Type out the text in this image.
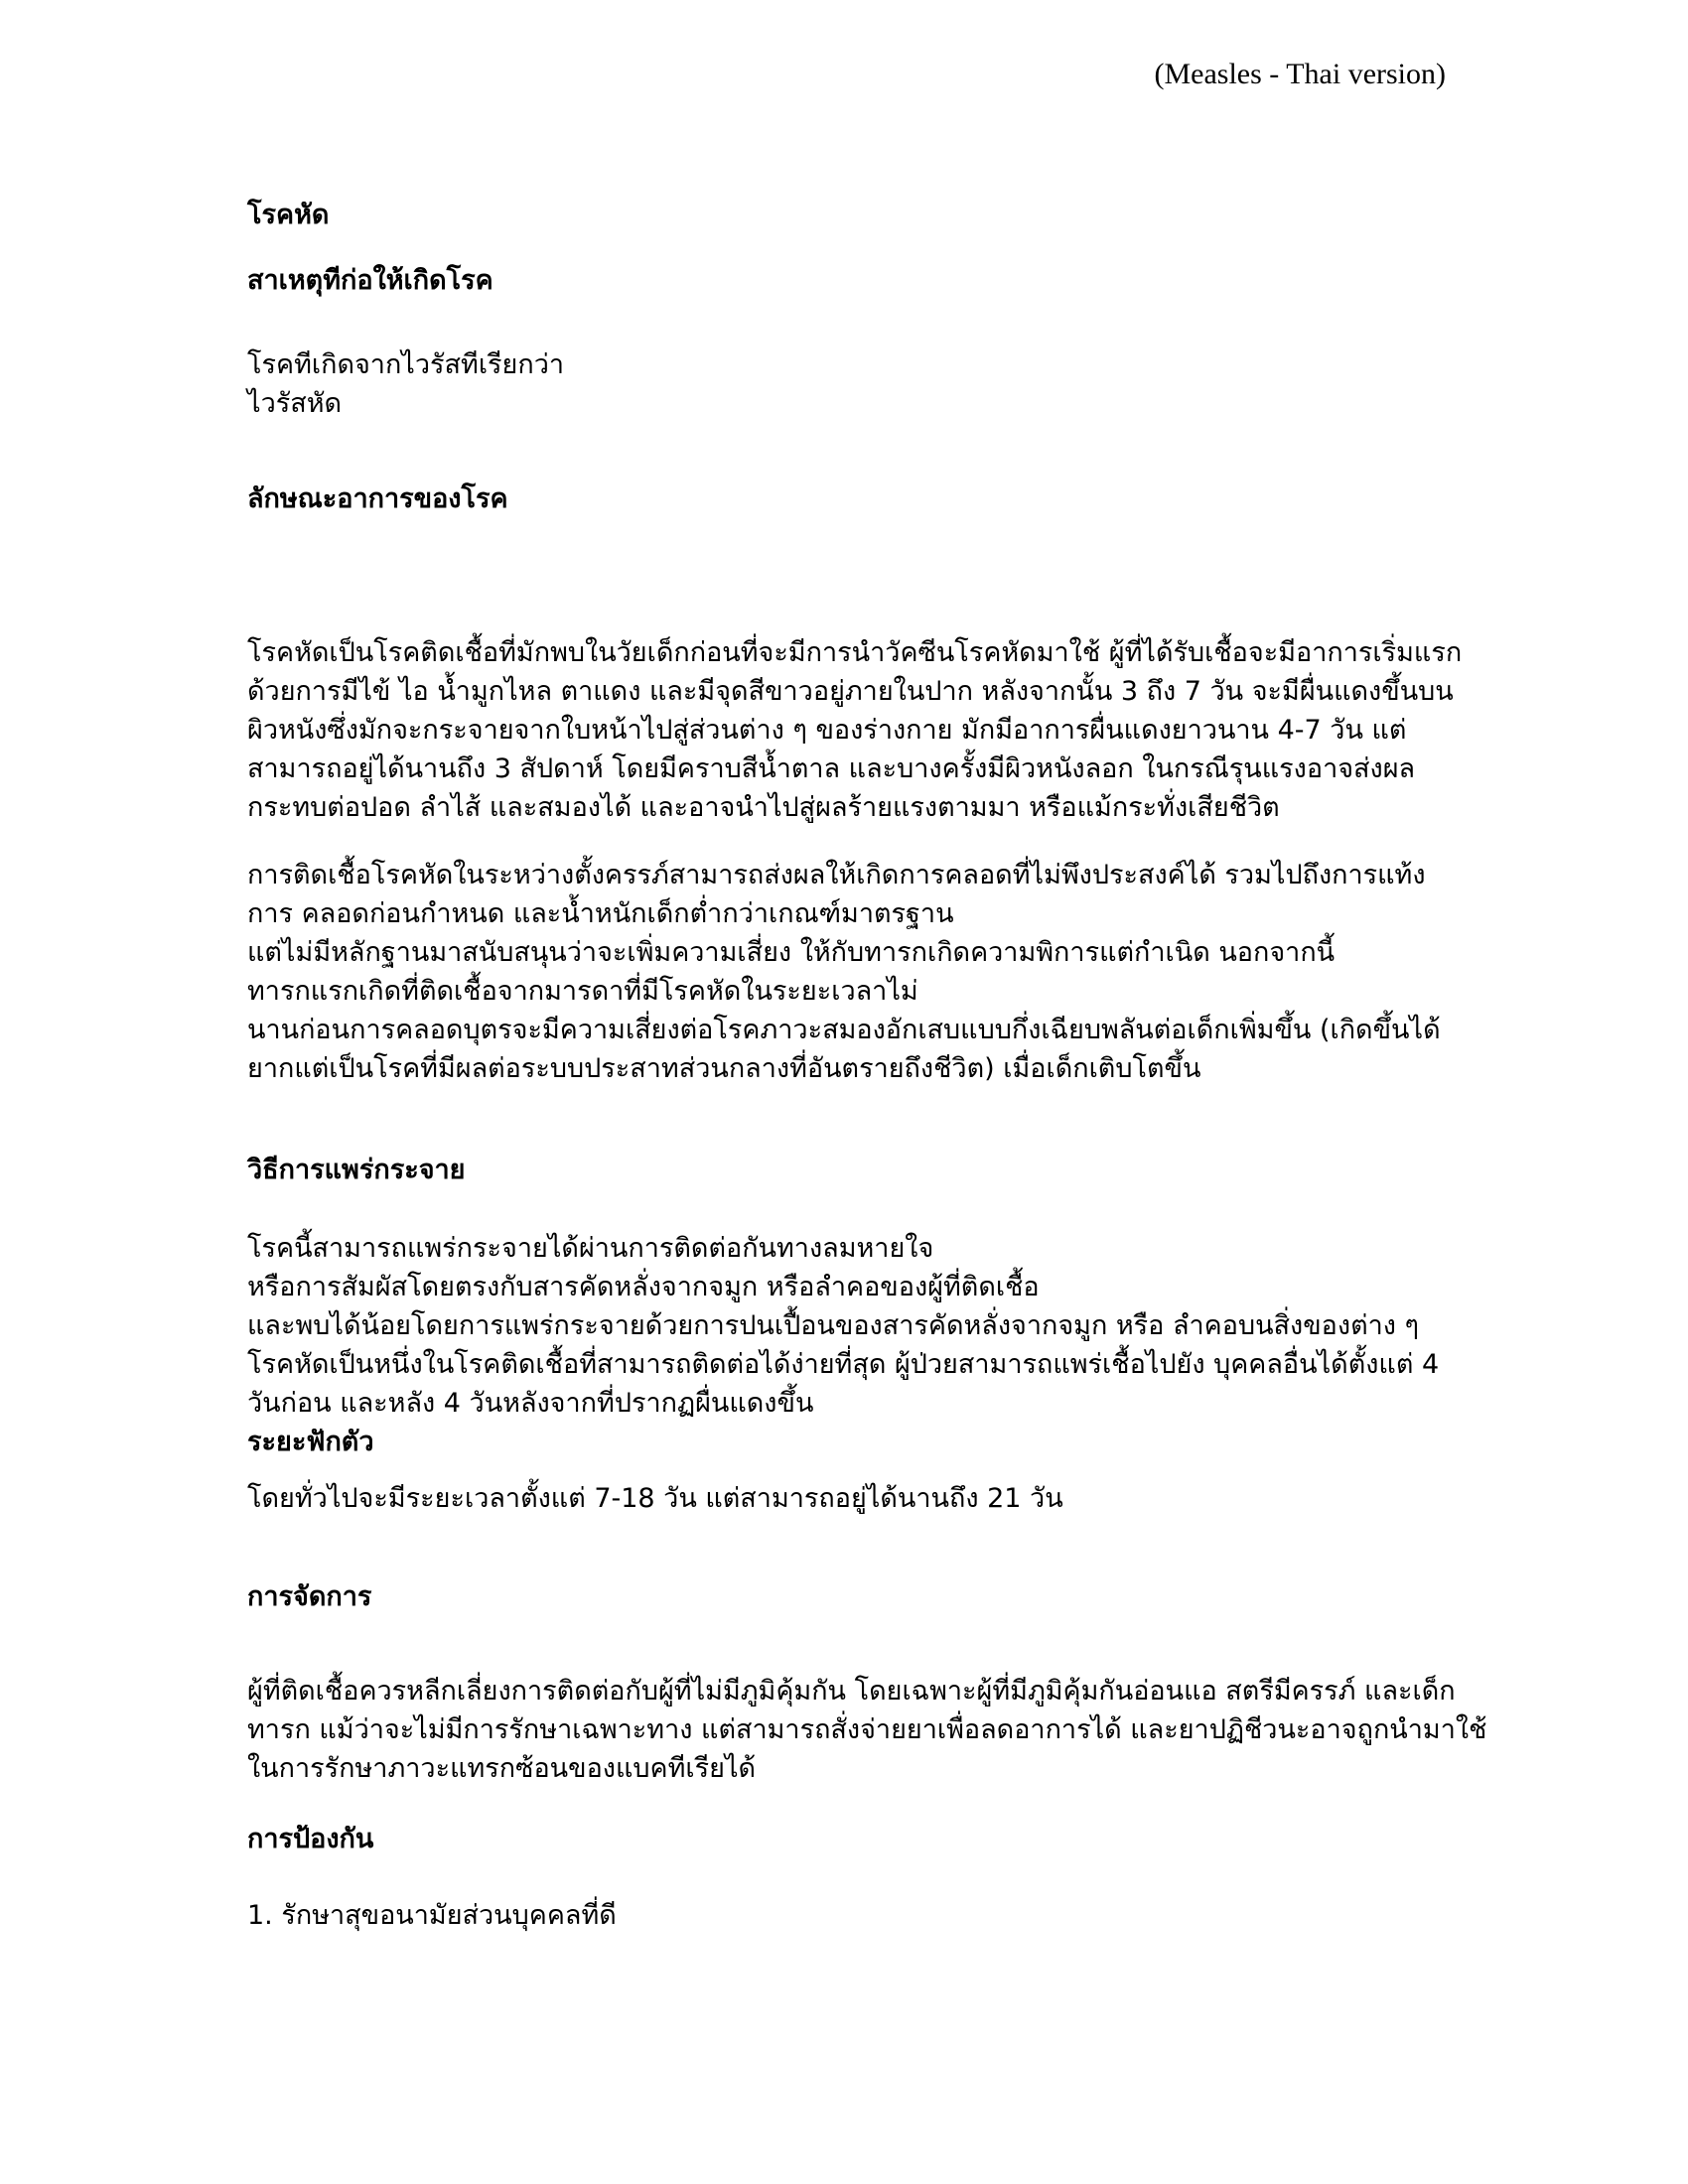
(Measles - Thai version)
โรคหัด
สาเหตุทีก่อให้เกิดโรค
โรคทีเกิดจากไวรัสทีเรียกว่า
ไวรัสหัด
ลักษณะอาการของโรค
โรคหัดเป็นโรคติดเชื้อที่มักพบในวัยเด็กก่อนที่จะมีการนำวัคซีนโรคหัดมาใช้ ผู้ที่ได้รับเชื้อจะมีอาการเริ่มแรก
ด้วยการมีไข้ ไอ น้ำมูกไหล ตาแดง และมีจุดสีขาวอยู่ภายในปาก หลังจากนั้น 3 ถึง 7 วัน จะมีผื่นแดงขึ้นบน
ผิวหนังซึ่งมักจะกระจายจากใบหน้าไปสู่ส่วนต่าง ๆ ของร่างกาย มักมีอาการผื่นแดงยาวนาน 4-7 วัน แต่
สามารถอยู่ได้นานถึง 3 สัปดาห์ โดยมีคราบสีน้ำตาล และบางครั้งมีผิวหนังลอก ในกรณีรุนแรงอาจส่งผล
กระทบต่อปอด ลำไส้ และสมองได้ และอาจนำไปสู่ผลร้ายแรงตามมา หรือแม้กระทั่งเสียชีวิต
การติดเชื้อโรคหัดในระหว่างตั้งครรภ์สามารถส่งผลให้เกิดการคลอดที่ไม่พึงประสงค์ได้ รวมไปถึงการแท้ง
การ คลอดก่อนกำหนด และน้ำหนักเด็กต่ำกว่าเกณฑ์มาตรฐาน
แต่ไม่มีหลักฐานมาสนับสนุนว่าจะเพิ่มความเสี่ยง ให้กับทารกเกิดความพิการแต่กำเนิด นอกจากนี้
ทารกแรกเกิดที่ติดเชื้อจากมารดาที่มีโรคหัดในระยะเวลาไม่
นานก่อนการคลอดบุตรจะมีความเสี่ยงต่อโรคภาวะสมองอักเสบแบบกึ่งเฉียบพลันต่อเด็กเพิ่มขึ้น (เกิดขึ้นได้
ยากแต่เป็นโรคที่มีผลต่อระบบประสาทส่วนกลางที่อันตรายถึงชีวิต) เมื่อเด็กเติบโตขึ้น
วิธีการแพร่กระจาย
โรคนี้สามารถแพร่กระจายได้ผ่านการติดต่อกันทางลมหายใจ
หรือการสัมผัสโดยตรงกับสารคัดหลั่งจากจมูก หรือลำคอของผู้ที่ติดเชื้อ
และพบได้น้อยโดยการแพร่กระจายด้วยการปนเปื้อนของสารคัดหลั่งจากจมูก หรือ ลำคอบนสิ่งของต่าง ๆ
โรคหัดเป็นหนึ่งในโรคติดเชื้อที่สามารถติดต่อได้ง่ายที่สุด ผู้ป่วยสามารถแพร่เชื้อไปยัง บุคคลอื่นได้ตั้งแต่ 4
วันก่อน และหลัง 4 วันหลังจากที่ปรากฏผื่นแดงขึ้น
ระยะฟักตัว
โดยทั่วไปจะมีระยะเวลาตั้งแต่ 7-18 วัน แต่สามารถอยู่ได้นานถึง 21 วัน
การจัดการ
ผู้ที่ติดเชื้อควรหลีกเลี่ยงการติดต่อกับผู้ที่ไม่มีภูมิคุ้มกัน โดยเฉพาะผู้ที่มีภูมิคุ้มกันอ่อนแอ สตรีมีครรภ์ และเด็ก
ทารก แม้ว่าจะไม่มีการรักษาเฉพาะทาง แต่สามารถสั่งจ่ายยาเพื่อลดอาการได้ และยาปฏิชีวนะอาจถูกนำมาใช้
ในการรักษาภาวะแทรกซ้อนของแบคทีเรียได้
การป้องกัน
1. รักษาสุขอนามัยส่วนบุคคลที่ดี
